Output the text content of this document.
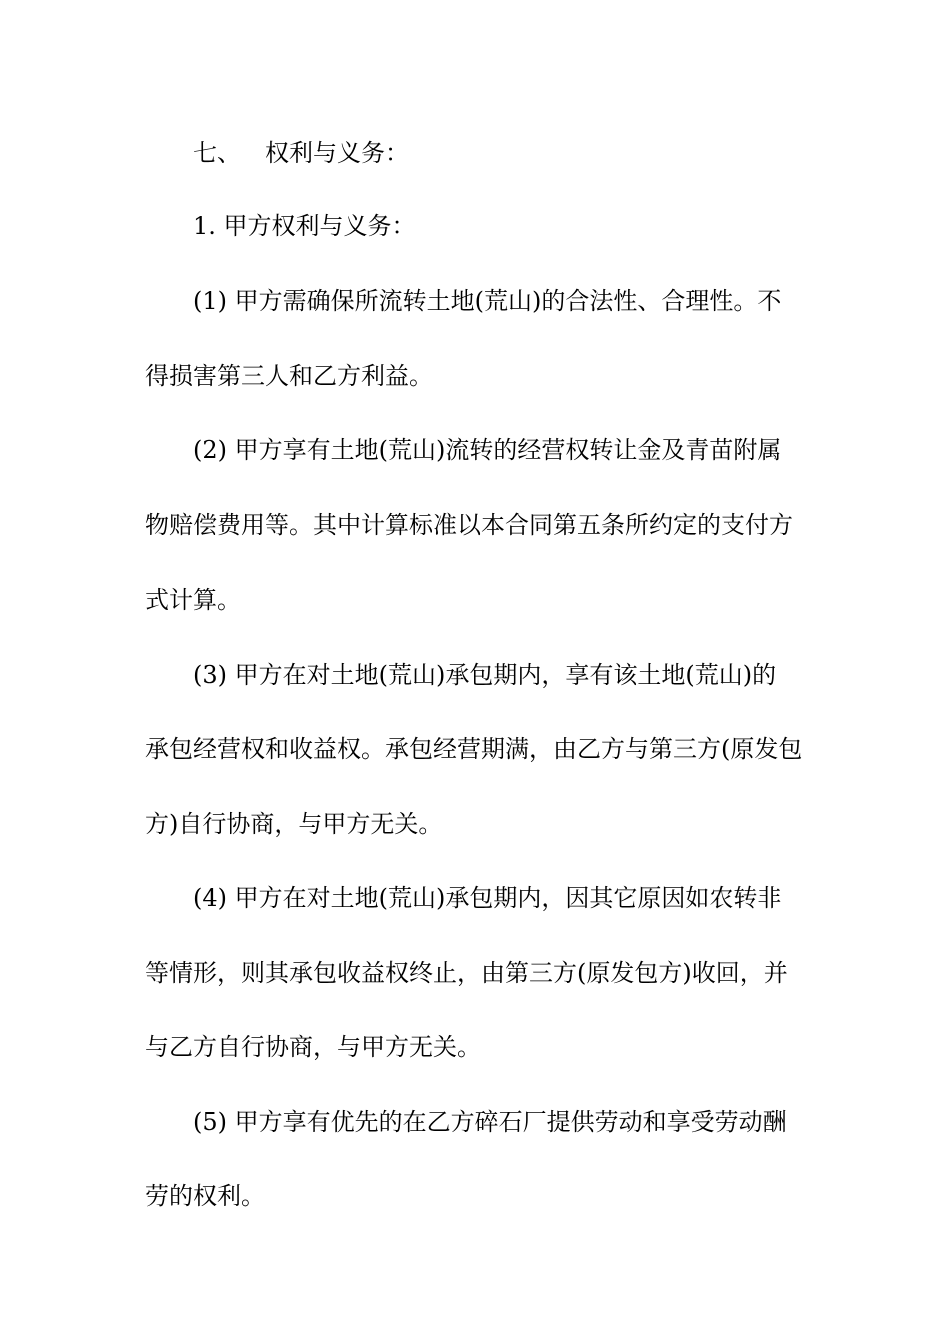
七、 权利与义务：
1. 甲方权利与义务：
(1) 甲方需确保所流转土地(荒山)的合法性、合理性。不
得损害第三人和乙方利益。
(2) 甲方享有土地(荒山)流转的经营权转让金及青苗附属
物赔偿费用等。其中计算标准以本合同第五条所约定的支付方
式计算。
(3) 甲方在对土地(荒山)承包期内，享有该土地(荒山)的
承包经营权和收益权。承包经营期满，由乙方与第三方(原发包
方)自行协商，与甲方无关。
(4) 甲方在对土地(荒山)承包期内，因其它原因如农转非
等情形，则其承包收益权终止，由第三方(原发包方)收回，并
与乙方自行协商，与甲方无关。
(5) 甲方享有优先的在乙方碎石厂提供劳动和享受劳动酬
劳的权利。
